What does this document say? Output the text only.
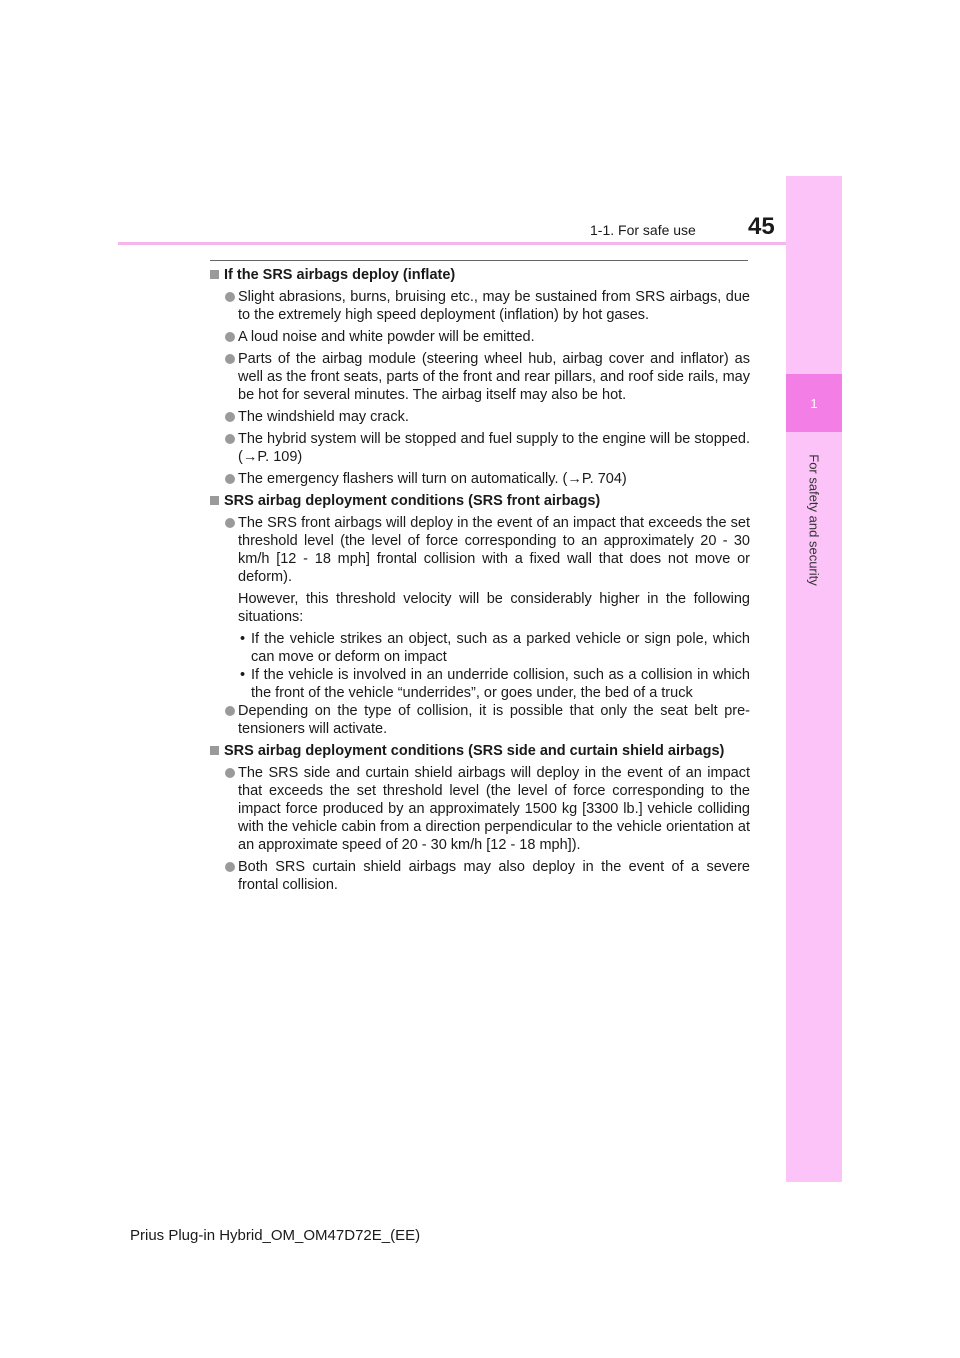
1-1. For safe use 45
1
For safety and security
If the SRS airbags deploy (inflate)
Slight abrasions, burns, bruising etc., may be sustained from SRS airbags, due to the extremely high speed deployment (inflation) by hot gases.
A loud noise and white powder will be emitted.
Parts of the airbag module (steering wheel hub, airbag cover and inflator) as well as the front seats, parts of the front and rear pillars, and roof side rails, may be hot for several minutes. The airbag itself may also be hot.
The windshield may crack.
The hybrid system will be stopped and fuel supply to the engine will be stopped. (→P. 109)
The emergency flashers will turn on automatically. (→P. 704)
SRS airbag deployment conditions (SRS front airbags)
The SRS front airbags will deploy in the event of an impact that exceeds the set threshold level (the level of force corresponding to an approximately 20 - 30 km/h [12 - 18 mph] frontal collision with a fixed wall that does not move or deform).
However, this threshold velocity will be considerably higher in the following situations:
• If the vehicle strikes an object, such as a parked vehicle or sign pole, which can move or deform on impact
• If the vehicle is involved in an underride collision, such as a collision in which the front of the vehicle “underrides”, or goes under, the bed of a truck
Depending on the type of collision, it is possible that only the seat belt pre-tensioners will activate.
SRS airbag deployment conditions (SRS side and curtain shield airbags)
The SRS side and curtain shield airbags will deploy in the event of an impact that exceeds the set threshold level (the level of force corresponding to the impact force produced by an approximately 1500 kg [3300 lb.] vehicle colliding with the vehicle cabin from a direction perpendicular to the vehicle orientation at an approximate speed of 20 - 30 km/h [12 - 18 mph]).
Both SRS curtain shield airbags may also deploy in the event of a severe frontal collision.
Prius Plug-in Hybrid_OM_OM47D72E_(EE)
